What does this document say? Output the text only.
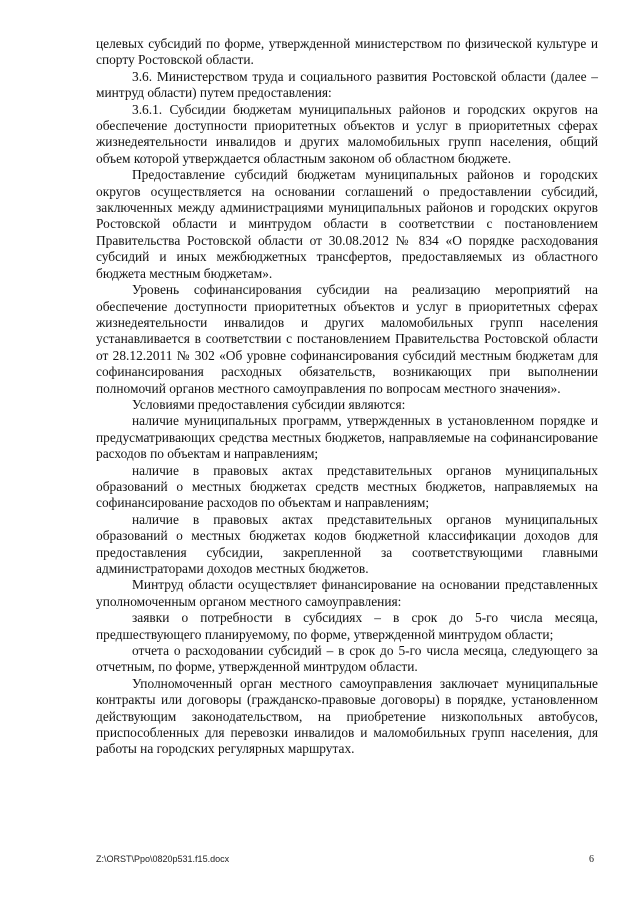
целевых субсидий по форме, утвержденной министерством по физической культуре и спорту Ростовской области.

3.6. Министерством труда и социального развития Ростовской области (далее – минтруд области) путем предоставления:

3.6.1. Субсидии бюджетам муниципальных районов и городских округов на обеспечение доступности приоритетных объектов и услуг в приоритетных сферах жизнедеятельности инвалидов и других маломобильных групп населения, общий объем которой утверждается областным законом об областном бюджете.

Предоставление субсидий бюджетам муниципальных районов и городских округов осуществляется на основании соглашений о предоставлении субсидий, заключенных между администрациями муниципальных районов и городских округов Ростовской области и минтрудом области в соответствии с постановлением Правительства Ростовской области от 30.08.2012 № 834 «О порядке расходования субсидий и иных межбюджетных трансфертов, предоставляемых из областного бюджета местным бюджетам».

Уровень софинансирования субсидии на реализацию мероприятий на обеспечение доступности приоритетных объектов и услуг в приоритетных сферах жизнедеятельности инвалидов и других маломобильных групп населения устанавливается в соответствии с постановлением Правительства Ростовской области от 28.12.2011 № 302 «Об уровне софинансирования субсидий местным бюджетам для софинансирования расходных обязательств, возникающих при выполнении полномочий органов местного самоуправления по вопросам местного значения».

Условиями предоставления субсидии являются:

наличие муниципальных программ, утвержденных в установленном порядке и предусматривающих средства местных бюджетов, направляемые на софинансирование расходов по объектам и направлениям;

наличие в правовых актах представительных органов муниципальных образований о местных бюджетах средств местных бюджетов, направляемых на софинансирование расходов по объектам и направлениям;

наличие в правовых актах представительных органов муниципальных образований о местных бюджетах кодов бюджетной классификации доходов для предоставления субсидии, закрепленной за соответствующими главными администраторами доходов местных бюджетов.

Минтруд области осуществляет финансирование на основании представленных уполномоченным органом местного самоуправления:

заявки о потребности в субсидиях – в срок до 5-го числа месяца, предшествующего планируемому, по форме, утвержденной минтрудом области;

отчета о расходовании субсидий – в срок до 5-го числа месяца, следующего за отчетным, по форме, утвержденной минтрудом области.

Уполномоченный орган местного самоуправления заключает муниципальные контракты или договоры (гражданско-правовые договоры) в порядке, установленном действующим законодательством, на приобретение низкопольных автобусов, приспособленных для перевозки инвалидов и маломобильных групп населения, для работы на городских регулярных маршрутах.

Z:\ORST\Ppo\0820p531.f15.docx	6
